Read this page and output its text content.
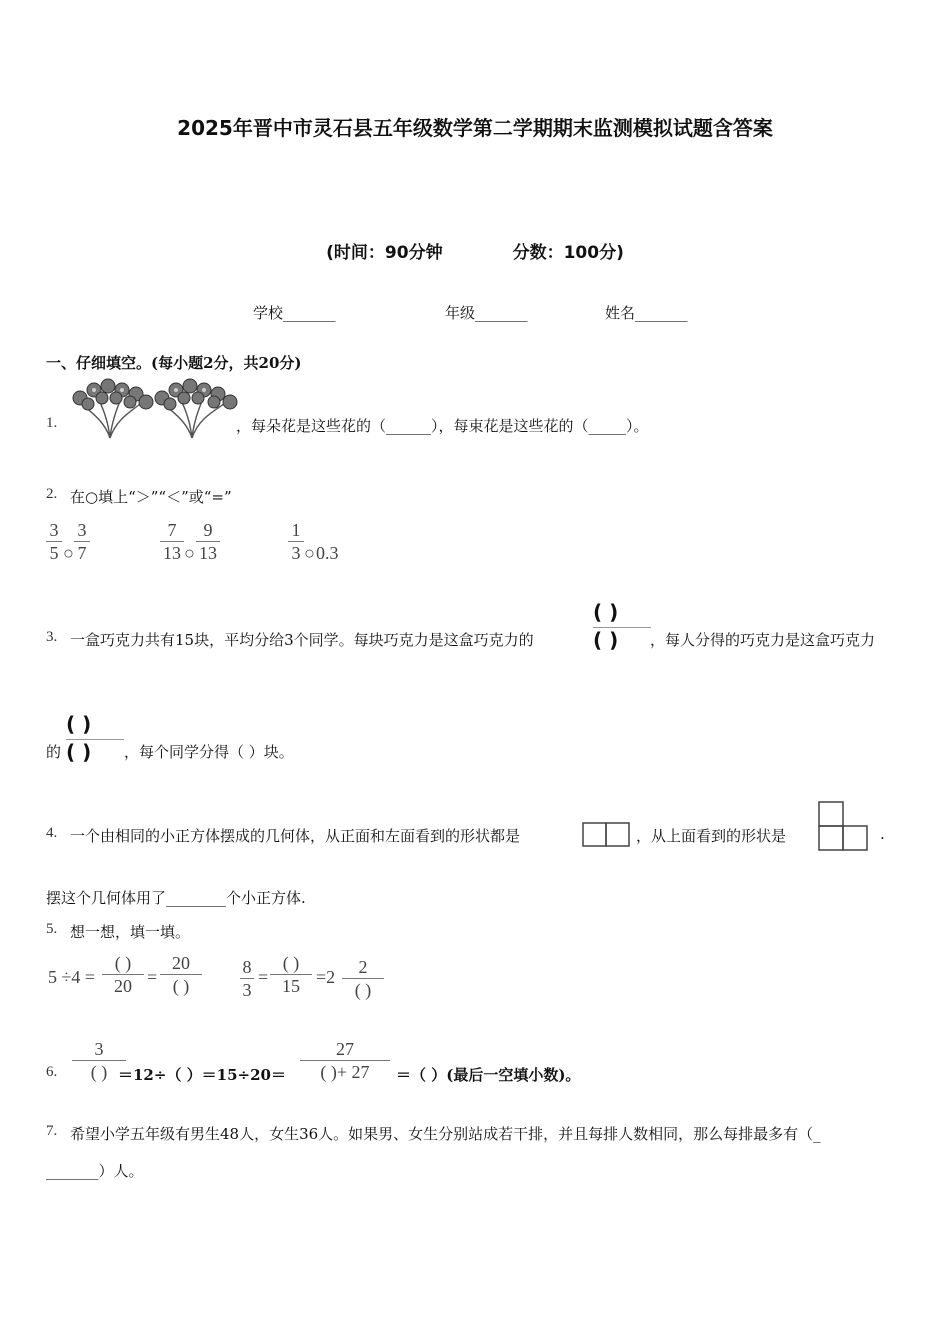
2025年晋中市灵石县五年级数学第二学期期末监测模拟试题含答案
(时间：90分钟	分数：100分)
学校_______	年级_______	姓名_______
一、仔细填空。(每小题2分，共20分)
1.	，每朵花是这些花的（______），每束花是这些花的（_____）。
2. 在○填上“＞”“＜”或“=”
$\frac{3}{5}$ ○ $\frac{3}{7}$	$\frac{7}{13}$ ○ $\frac{9}{13}$	$\frac{1}{3}$ ○ 0.3
3. 一盒巧克力共有15块，平均分给3个同学。每块巧克力是这盒巧克力的
( )
( ) ，每人分得的巧克力是这盒巧克力
的
( )
( ) ，每个同学分得（ ）块。
4. 一个由相同的小正方体摆成的几何体，从正面和左面看到的形状都是	，从上面看到的形状是	.
摆这个几何体用了________个小正方体.
5. 想一想，填一填。
5 ÷4 =
( )
20 =
20
( )	$\frac{8}{3}$ =
( )
15 =2	2
( )
6.
3
( ) ＝12÷（ ）$=15\div 20= \frac{27}{( )+ 27}$ ＝（ ）(最后一空填小数)。
7. 希望小学五年级有男生48人，女生36人。如果男、女生分别站成若干排，并且每排人数相同，那么每排最多有（_
_______）人。
